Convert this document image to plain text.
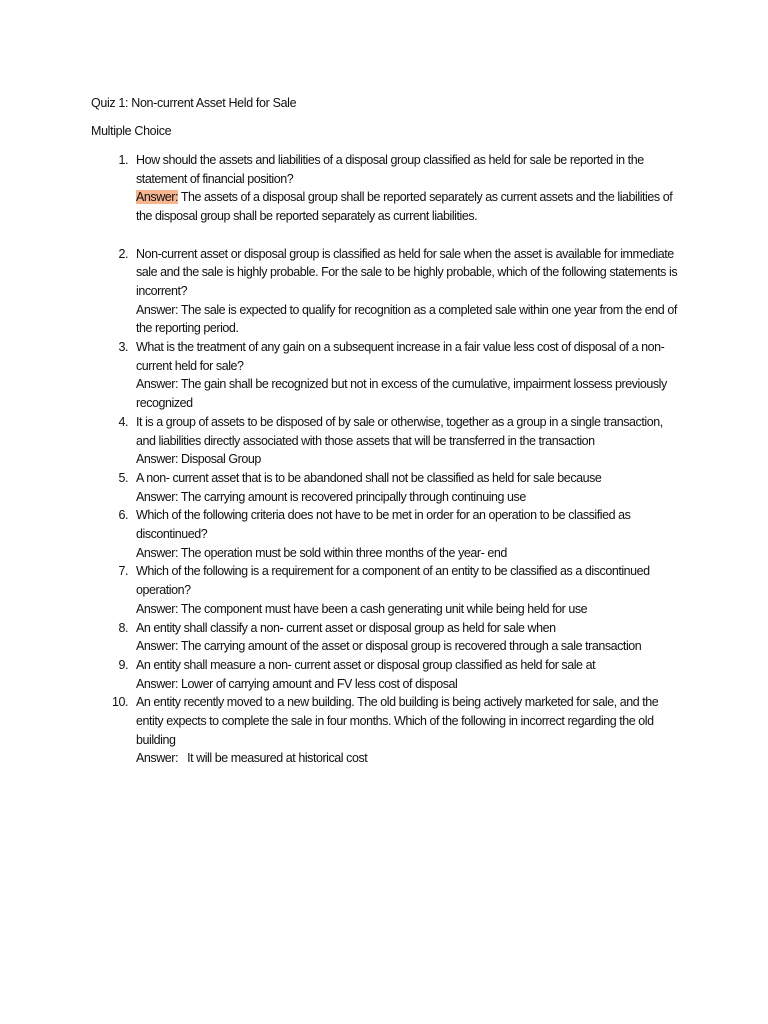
Quiz 1: Non-current Asset Held for Sale
Multiple Choice
1. How should the assets and liabilities of a disposal group classified as held for sale be reported in the statement of financial position?
Answer: The assets of a disposal group shall be reported separately as current assets and the liabilities of the disposal group shall be reported separately as current liabilities.
2. Non-current asset or disposal group is classified as held for sale when the asset is available for immediate sale and the sale is highly probable. For the sale to be highly probable, which of the following statements is incorrent?
Answer: The sale is expected to qualify for recognition as a completed sale within one year from the end of the reporting period.
3. What is the treatment of any gain on a subsequent increase in a fair value less cost of disposal of a non- current held for sale?
Answer: The gain shall be recognized but not in excess of the cumulative, impairment lossess previously recognized
4. It is a group of assets to be disposed of by sale or otherwise, together as a group in a single transaction, and liabilities directly associated with those assets that will be transferred in the transaction
Answer: Disposal Group
5. A non- current asset that is to be abandoned shall not be classified as held for sale because
Answer: The carrying amount is recovered principally through continuing use
6. Which of the following criteria does not have to be met in order for an operation to be classified as discontinued?
Answer: The operation must be sold within three months of the year- end
7. Which of the following is a requirement for a component of an entity to be classified as a discontinued operation?
Answer: The component must have been a cash generating unit while being held for use
8. An entity shall classify a non- current asset or disposal group as held for sale when
Answer: The carrying amount of the asset or disposal group is recovered through a sale transaction
9. An entity shall measure a non- current asset or disposal group classified as held for sale at
Answer: Lower of carrying amount and FV less cost of disposal
10. An entity recently moved to a new building. The old building is being actively marketed for sale, and the entity expects to complete the sale in four months. Which of the following in incorrect regarding the old building
Answer:   It will be measured at historical cost
